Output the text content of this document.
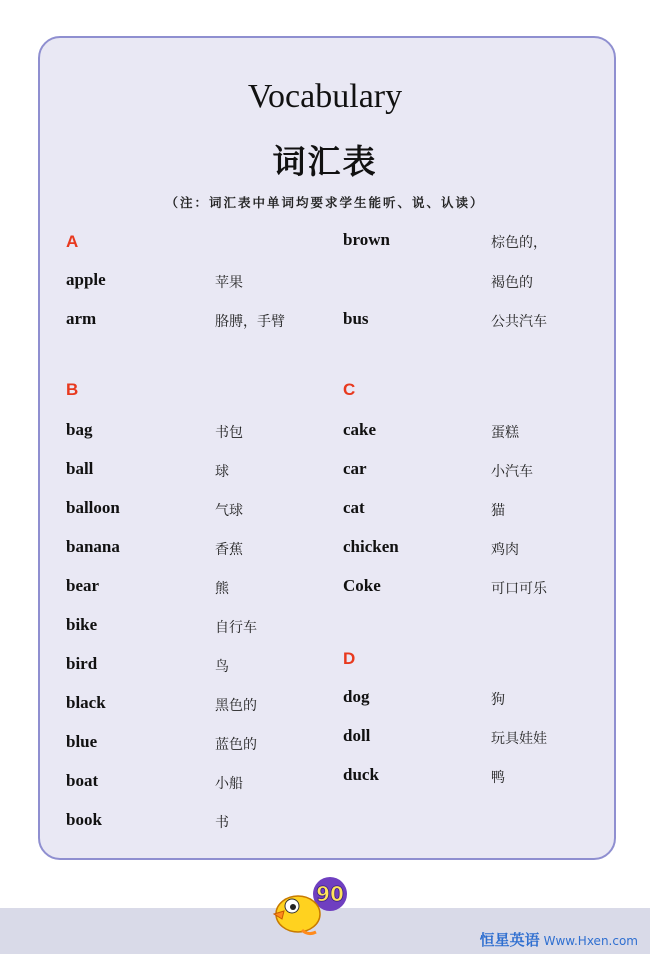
Vocabulary
词汇表
（注：词汇表中单词均要求学生能听、说、认读）
A
apple	苹果
arm	胳膊，手臂
B
bag	书包
ball	球
balloon	气球
banana	香蕉
bear	熊
bike	自行车
bird	鸟
black	黑色的
blue	蓝色的
boat	小船
book	书
brown	棕色的，
褐色的
bus	公共汽车
C
cake	蛋糕
car	小汽车
cat	猫
chicken	鸡肉
Coke	可口可乐
D
dog	狗
doll	玩具娃娃
duck	鸭
90
恒星英语 Www.Hxen.com
